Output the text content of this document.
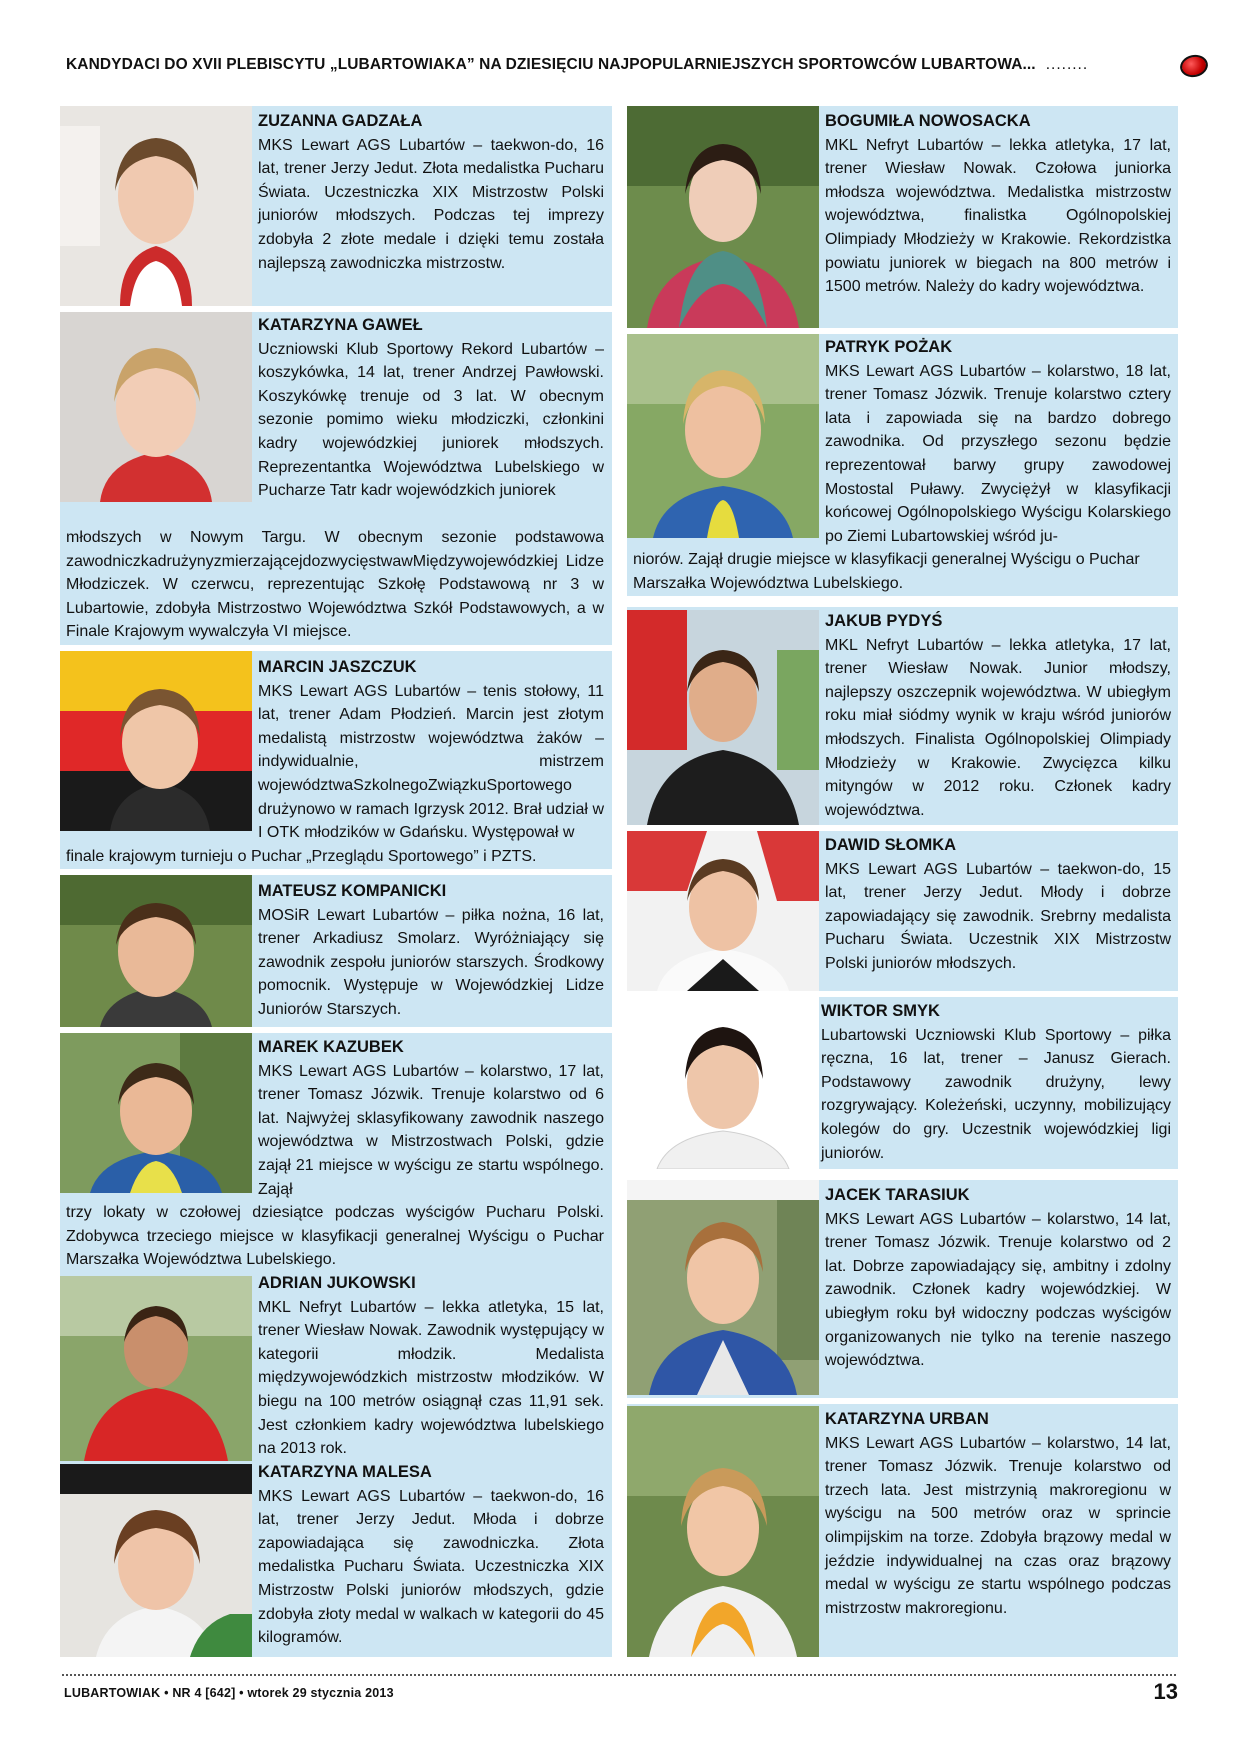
KANDYDACI DO XVII PLEBISCYTU „LUBARTOWIAKA” NA DZIESIĘCIU NAJPOPULARNIEJSZYCH SPORTOWCÓW LUBARTOWA... ........
ZUZANNA GADZAŁA
MKS Lewart AGS Lubartów – taekwon-do, 16 lat, trener Jerzy Jedut. Złota medalistka Pucharu Świata. Uczestniczka XIX Mistrzostw Polski juniorów młodszych. Podczas tej imprezy zdobyła 2 złote medale i dzięki temu została najlepszą zawodniczka mistrzostw.
KATARZYNA GAWEŁ
Uczniowski Klub Sportowy Rekord Lubartów – koszykówka, 14 lat, trener Andrzej Pawłowski. Koszykówkę trenuje od 3 lat. W obecnym sezonie pomimo wieku młodziczki, członkini kadry wojewódzkiej juniorek młodszych. Reprezentantka Województwa Lubelskiego w Pucharze Tatr kadr wojewódzkich juniorek
młodszych w Nowym Targu. W obecnym sezonie podstawowa zawodniczkadrużynyzmierzającejdozwycięstwawMiędzywojewódzkiej Lidze Młodziczek. W czerwcu, reprezentując Szkołę Podstawową nr 3 w Lubartowie, zdobyła Mistrzostwo Województwa Szkół Podstawowych, a w Finale Krajowym wywalczyła VI miejsce.
MARCIN JASZCZUK
MKS Lewart AGS Lubartów – tenis stołowy, 11 lat, trener Adam Płodzień. Marcin jest złotym medalistą mistrzostw województwa żaków – indywidualnie, mistrzem województwaSzkolnegoZwiązkuSportowego drużynowo w ramach Igrzysk 2012. Brał udział w I OTK młodzików w Gdańsku. Występował w
finale krajowym turnieju o Puchar „Przeglądu Sportowego” i PZTS.
MATEUSZ KOMPANICKI
MOSiR Lewart Lubartów – piłka nożna, 16 lat, trener Arkadiusz Smolarz. Wyróżniający się zawodnik zespołu juniorów starszych. Środkowy pomocnik. Występuje w Wojewódzkiej Lidze Juniorów Starszych.
MAREK KAZUBEK
MKS Lewart AGS Lubartów – kolarstwo, 17 lat, trener Tomasz Józwik. Trenuje kolarstwo od 6 lat. Najwyżej sklasyfikowany zawodnik naszego województwa w Mistrzostwach Polski, gdzie zajął 21 miejsce w wyścigu ze startu wspólnego. Zajął
trzy lokaty w czołowej dziesiątce podczas wyścigów Pucharu Polski. Zdobywca trzeciego miejsce w klasyfikacji generalnej Wyścigu o Puchar Marszałka Województwa Lubelskiego.
ADRIAN JUKOWSKI
MKL Nefryt Lubartów – lekka atletyka, 15 lat, trener Wiesław Nowak. Zawodnik występujący w kategorii młodzik. Medalista międzywojewódzkich mistrzostw młodzików. W biegu na 100 metrów osiągnął czas 11,91 sek. Jest członkiem kadry województwa lubelskiego na 2013 rok.
KATARZYNA MALESA
MKS Lewart AGS Lubartów – taekwon-do, 16 lat, trener Jerzy Jedut. Młoda i dobrze zapowiadająca się zawodniczka. Złota medalistka Pucharu Świata. Uczestniczka XIX Mistrzostw Polski juniorów młodszych, gdzie zdobyła złoty medal w walkach w kategorii do 45 kilogramów.
BOGUMIŁA NOWOSACKA
MKL Nefryt Lubartów – lekka atletyka, 17 lat, trener Wiesław Nowak. Czołowa juniorka młodsza województwa. Medalistka mistrzostw województwa, finalistka Ogólnopolskiej Olimpiady Młodzieży w Krakowie. Rekordzistka powiatu juniorek w biegach na 800 metrów i 1500 metrów. Należy do kadry województwa.
PATRYK POŻAK
MKS Lewart AGS Lubartów – kolarstwo, 18 lat, trener Tomasz Józwik. Trenuje kolarstwo cztery lata i zapowiada się na bardzo dobrego zawodnika. Od przyszłego sezonu będzie reprezentował barwy grupy zawodowej Mostostal Puławy. Zwyciężył w klasyfikacji końcowej Ogólnopolskiego Wyścigu Kolarskiego po Ziemi Lubartowskiej wśród ju-
niorów. Zajął drugie miejsce w klasyfikacji generalnej Wyścigu o Puchar Marszałka Województwa Lubelskiego.
JAKUB PYDYŚ
MKL Nefryt Lubartów – lekka atletyka, 17 lat, trener Wiesław Nowak. Junior młodszy, najlepszy oszczepnik województwa. W ubiegłym roku miał siódmy wynik w kraju wśród juniorów młodszych. Finalista Ogólnopolskiej Olimpiady Młodzieży w Krakowie. Zwycięzca kilku mityngów w 2012 roku. Członek kadry województwa.
DAWID SŁOMKA
MKS Lewart AGS Lubartów – taekwon-do, 15 lat, trener Jerzy Jedut. Młody i dobrze zapowiadający się zawodnik. Srebrny medalista Pucharu Świata. Uczestnik XIX Mistrzostw Polski juniorów młodszych.
WIKTOR SMYK
Lubartowski Uczniowski Klub Sportowy – piłka ręczna, 16 lat, trener – Janusz Gierach. Podstawowy zawodnik drużyny, lewy rozgrywający. Koleżeński, uczynny, mobilizujący kolegów do gry. Uczestnik wojewódzkiej ligi juniorów.
JACEK TARASIUK
MKS Lewart AGS Lubartów – kolarstwo, 14 lat, trener Tomasz Józwik. Trenuje kolarstwo od 2 lat. Dobrze zapowiadający się, ambitny i zdolny zawodnik. Członek kadry wojewódzkiej. W ubiegłym roku był widoczny podczas wyścigów organizowanych nie tylko na terenie naszego województwa.
KATARZYNA URBAN
MKS Lewart AGS Lubartów – kolarstwo, 14 lat, trener Tomasz Józwik. Trenuje kolarstwo od trzech lata. Jest mistrzynią makroregionu w wyścigu na 500 metrów oraz w sprincie olimpijskim na torze. Zdobyła brązowy medal w jeździe indywidualnej na czas oraz brązowy medal w wyścigu ze startu wspólnego podczas mistrzostw makroregionu.
LUBARTOWIAK • NR 4 [642] • wtorek 29 stycznia 2013	13
